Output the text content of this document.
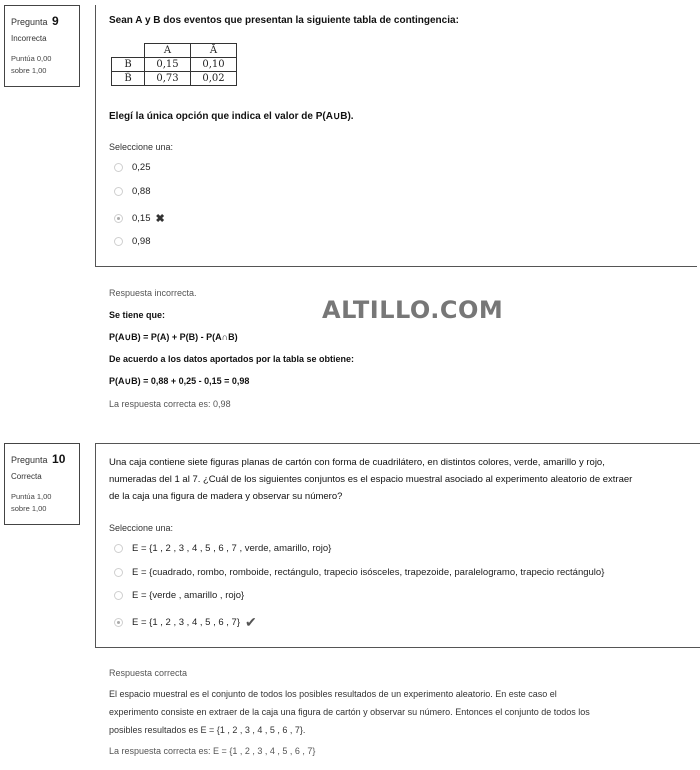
Pregunta 9
Incorrecta
Puntúa 0,00
sobre 1,00
Sean A y B dos eventos que presentan la siguiente tabla de contingencia:
	A	Ā
B	0,15	0,10
B̄	0,73	0,02
Elegí la única opción que indica el valor de P(A∪B).
Seleccione una:
0,25
0,88
0,15 ✖
0,98
Respuesta incorrecta.
Se tiene que:
P(A∪B) = P(A) + P(B) - P(A∩B)
De acuerdo a los datos aportados por la tabla se obtiene:
P(A∪B) = 0,88 + 0,25 - 0,15 = 0,98
La respuesta correcta es: 0,98
ALTILLO.COM
Pregunta 10
Correcta
Puntúa 1,00
sobre 1,00
Una caja contiene siete figuras planas de cartón con forma de cuadrilátero, en distintos colores, verde, amarillo y rojo,
numeradas del 1 al 7. ¿Cuál de los siguientes conjuntos es el espacio muestral asociado al experimento aleatorio de extraer
de la caja una figura de madera y observar su número?
Seleccione una:
E = {1 , 2 , 3 , 4 , 5 , 6 , 7 , verde, amarillo, rojo}
E = {cuadrado, rombo, romboide, rectángulo, trapecio isósceles, trapezoide, paralelogramo, trapecio rectángulo}
E = {verde , amarillo , rojo}
E = {1 , 2 , 3 , 4 , 5 , 6 , 7} ✔
Respuesta correcta
El espacio muestral es el conjunto de todos los posibles resultados de un experimento aleatorio. En este caso el
experimento consiste en extraer de la caja una figura de cartón y observar su número. Entonces el conjunto de todos los
posibles resultados es E = {1 , 2 , 3 , 4 , 5 , 6 , 7}.
La respuesta correcta es: E = {1 , 2 , 3 , 4 , 5 , 6 , 7}
